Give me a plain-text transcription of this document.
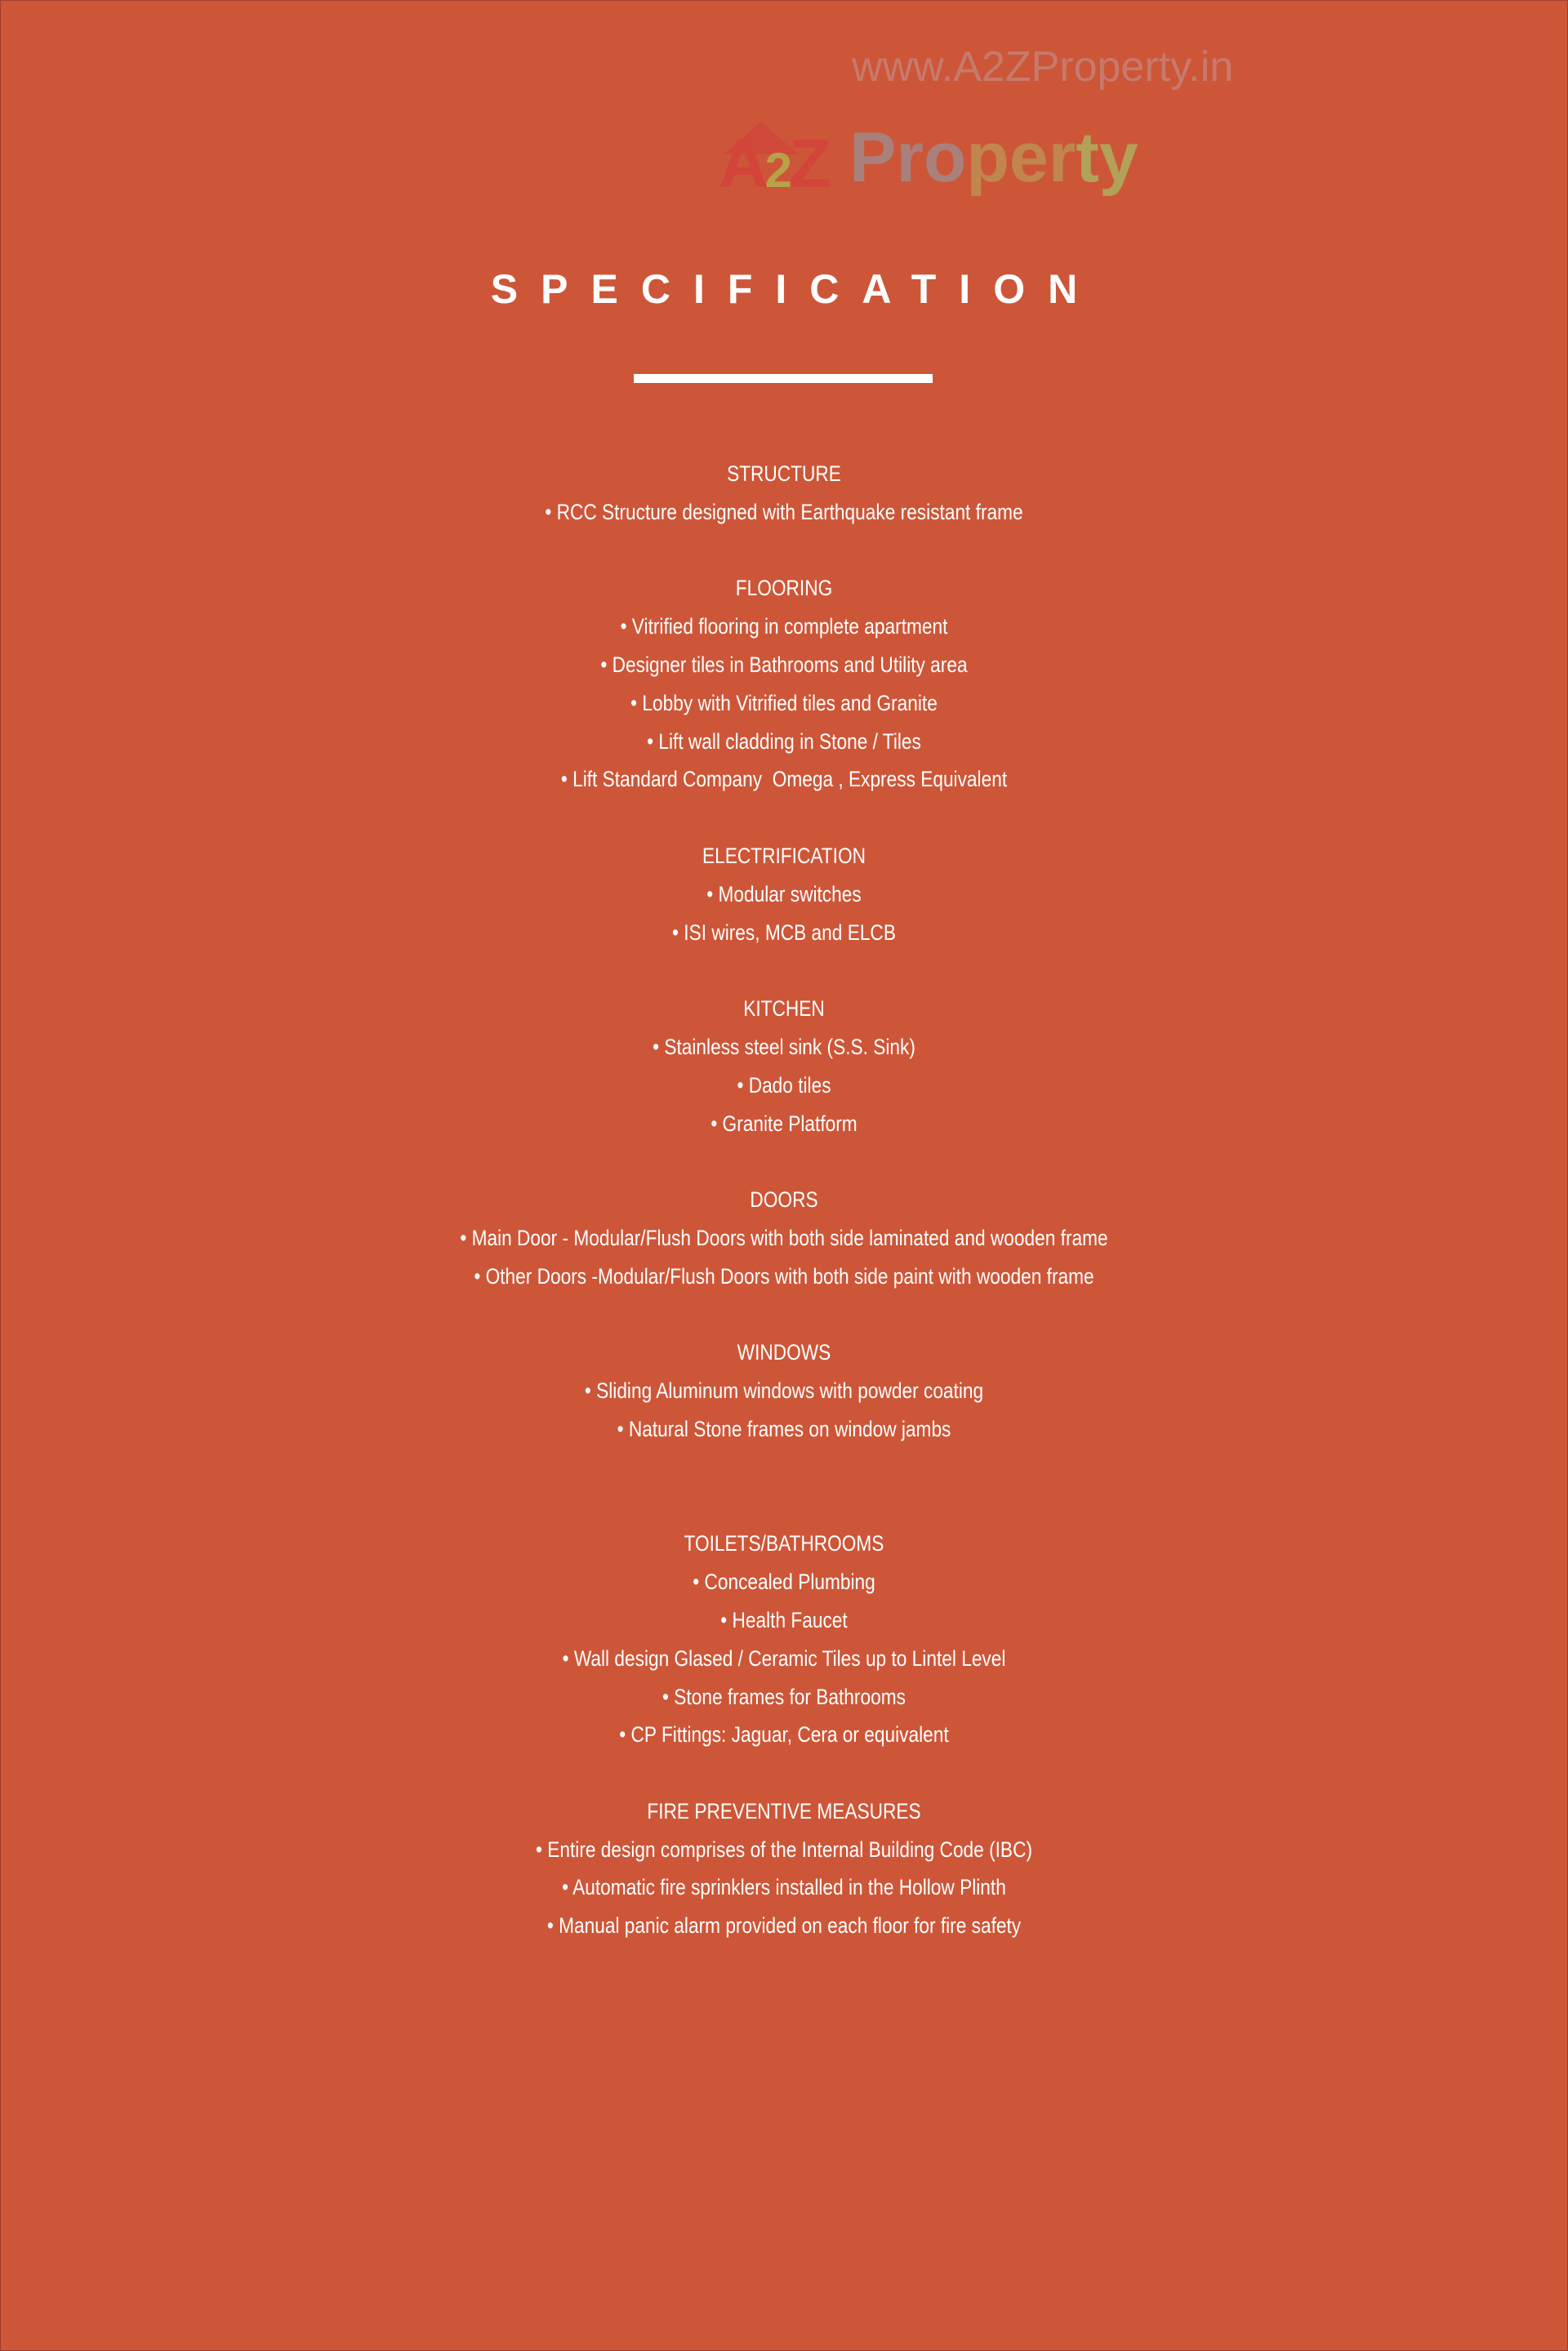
www.A2ZProperty.in
A2Z Property
SPECIFICATION
STRUCTURE
• RCC Structure designed with Earthquake resistant frame
FLOORING
• Vitrified flooring in complete apartment
• Designer tiles in Bathrooms and Utility area
• Lobby with Vitrified tiles and Granite
• Lift wall cladding in Stone / Tiles
• Lift Standard Company  Omega , Express Equivalent
ELECTRIFICATION
• Modular switches
• ISI wires, MCB and ELCB
KITCHEN
• Stainless steel sink (S.S. Sink)
• Dado tiles
• Granite Platform
DOORS
• Main Door - Modular/Flush Doors with both side laminated and wooden frame
• Other Doors -Modular/Flush Doors with both side paint with wooden frame
WINDOWS
• Sliding Aluminum windows with powder coating
• Natural Stone frames on window jambs
TOILETS/BATHROOMS
• Concealed Plumbing
• Health Faucet
• Wall design Glased / Ceramic Tiles up to Lintel Level
• Stone frames for Bathrooms
• CP Fittings: Jaguar, Cera or equivalent
FIRE PREVENTIVE MEASURES
• Entire design comprises of the Internal Building Code (IBC)
• Automatic fire sprinklers installed in the Hollow Plinth
• Manual panic alarm provided on each floor for fire safety
